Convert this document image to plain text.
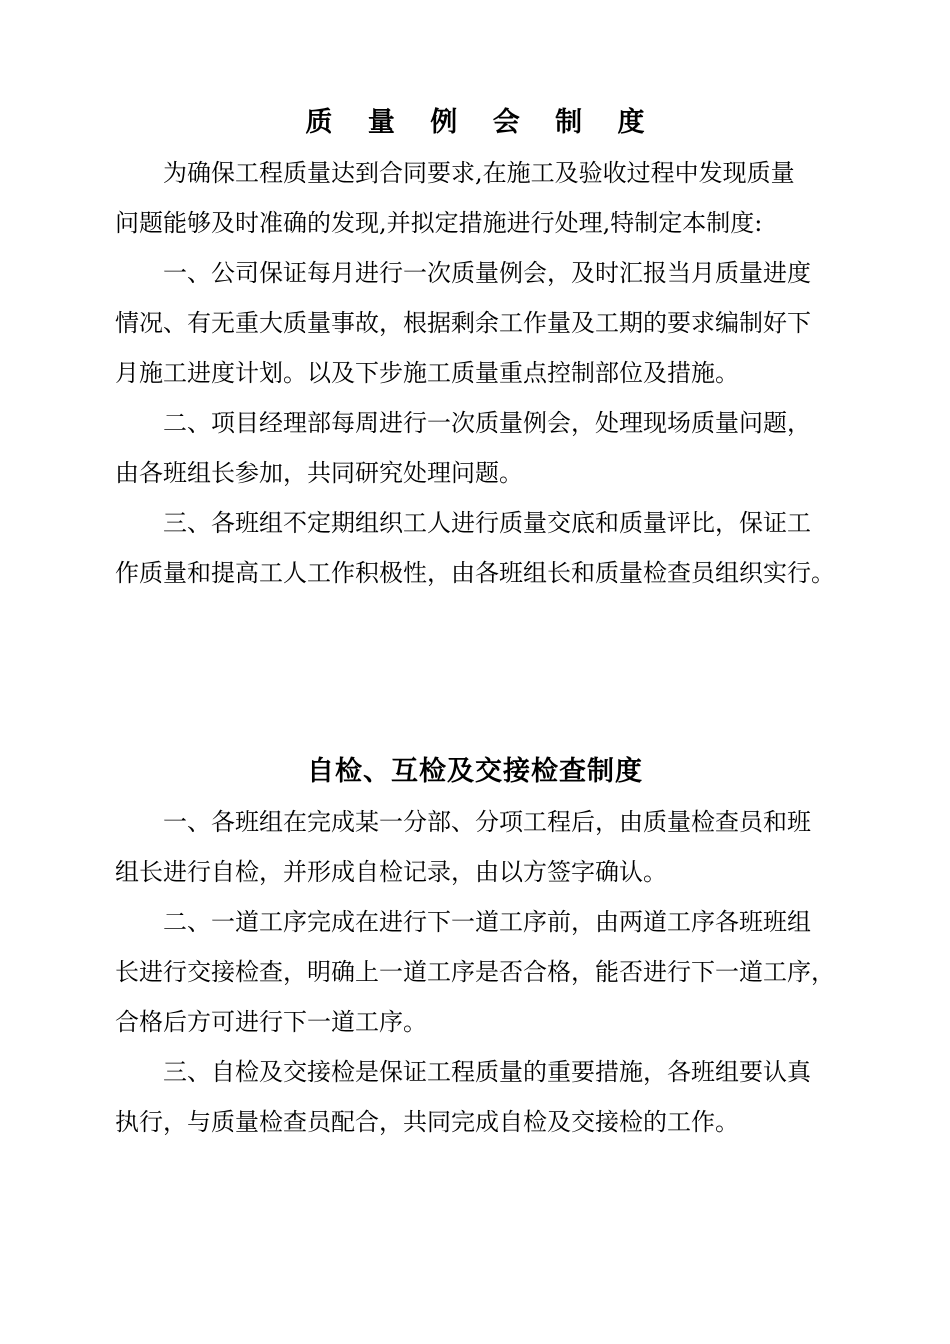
质 量 例 会 制 度

为确保工程质量达到合同要求,在施工及验收过程中发现质量

问题能够及时准确的发现,并拟定措施进行处理,特制定本制度:

一、公司保证每月进行一次质量例会，及时汇报当月质量进度

情况、有无重大质量事故，根据剩余工作量及工期的要求编制好下

月施工进度计划。以及下步施工质量重点控制部位及措施。

二、项目经理部每周进行一次质量例会，处理现场质量问题，

由各班组长参加，共同研究处理问题。

三、各班组不定期组织工人进行质量交底和质量评比，保证工

作质量和提高工人工作积极性，由各班组长和质量检查员组织实行。

自检、互检及交接检查制度

一、各班组在完成某一分部、分项工程后，由质量检查员和班

组长进行自检，并形成自检记录，由以方签字确认。

二、一道工序完成在进行下一道工序前，由两道工序各班班组

长进行交接检查，明确上一道工序是否合格，能否进行下一道工序，

合格后方可进行下一道工序。

三、自检及交接检是保证工程质量的重要措施，各班组要认真

执行，与质量检查员配合，共同完成自检及交接检的工作。
